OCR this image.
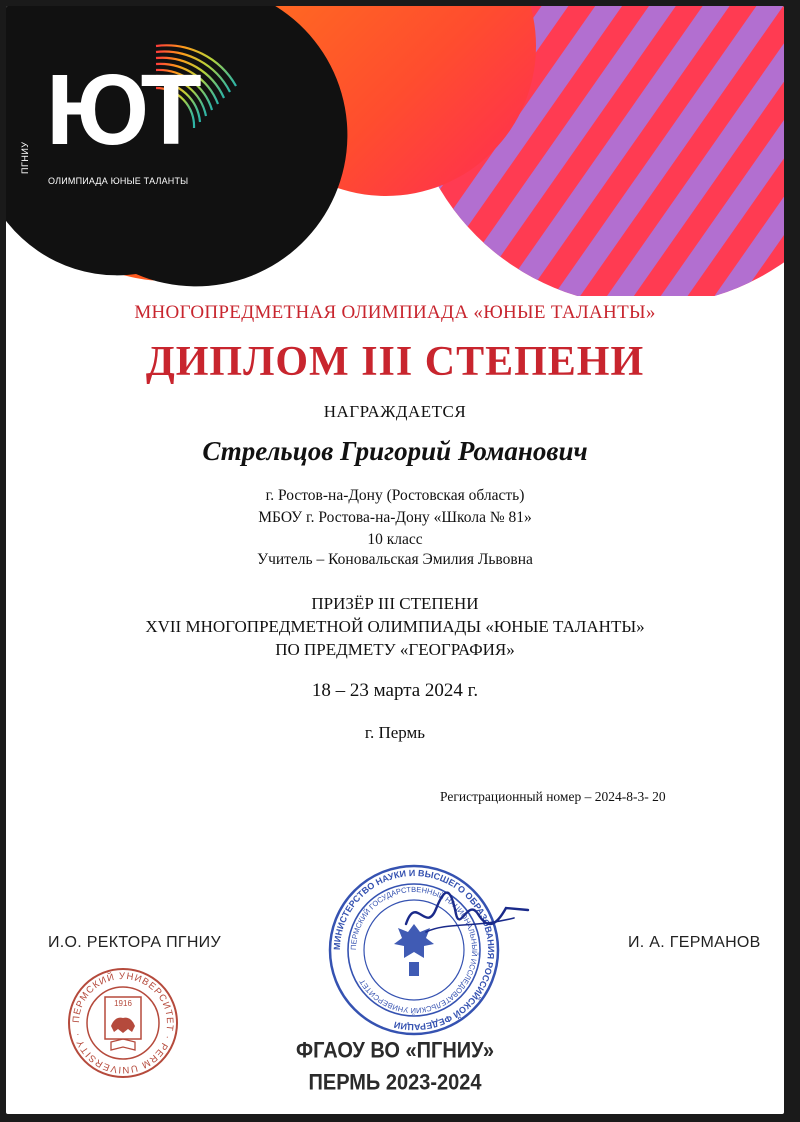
ПГНИУ ЮТ
ОЛИМПИАДА ЮНЫЕ ТАЛАНТЫ
МНОГОПРЕДМЕТНАЯ ОЛИМПИАДА «ЮНЫЕ ТАЛАНТЫ»
ДИПЛОМ III СТЕПЕНИ
НАГРАЖДАЕТСЯ
Стрельцов Григорий Романович
г. Ростов-на-Дону (Ростовская область)
МБОУ г. Ростова-на-Дону «Школа № 81»
10 класс
Учитель – Коновальская Эмилия Львовна
ПРИЗЁР III СТЕПЕНИ
XVII МНОГОПРЕДМЕТНОЙ ОЛИМПИАДЫ «ЮНЫЕ ТАЛАНТЫ»
ПО ПРЕДМЕТУ «ГЕОГРАФИЯ»
18 – 23 марта 2024 г.
г. Пермь
Регистрационный номер – 2024-8-3- 20
И.О. РЕКТОРА ПГНИУ	И. А. ГЕРМАНОВ
ПЕРМСКИЙ УНИВЕРСИТЕТ · PERM UNIVERSITY ·
1916
МИНИСТЕРСТВО НАУКИ И ВЫСШЕГО ОБРАЗОВАНИЯ РОССИЙСКОЙ ФЕДЕРАЦИИ
ПЕРМСКИЙ ГОСУДАРСТВЕННЫЙ НАЦИОНАЛЬНЫЙ ИССЛЕДОВАТЕЛЬСКИЙ УНИВЕРСИТЕТ
ФГАОУ ВО «ПГНИУ»
ПЕРМЬ 2023-2024
